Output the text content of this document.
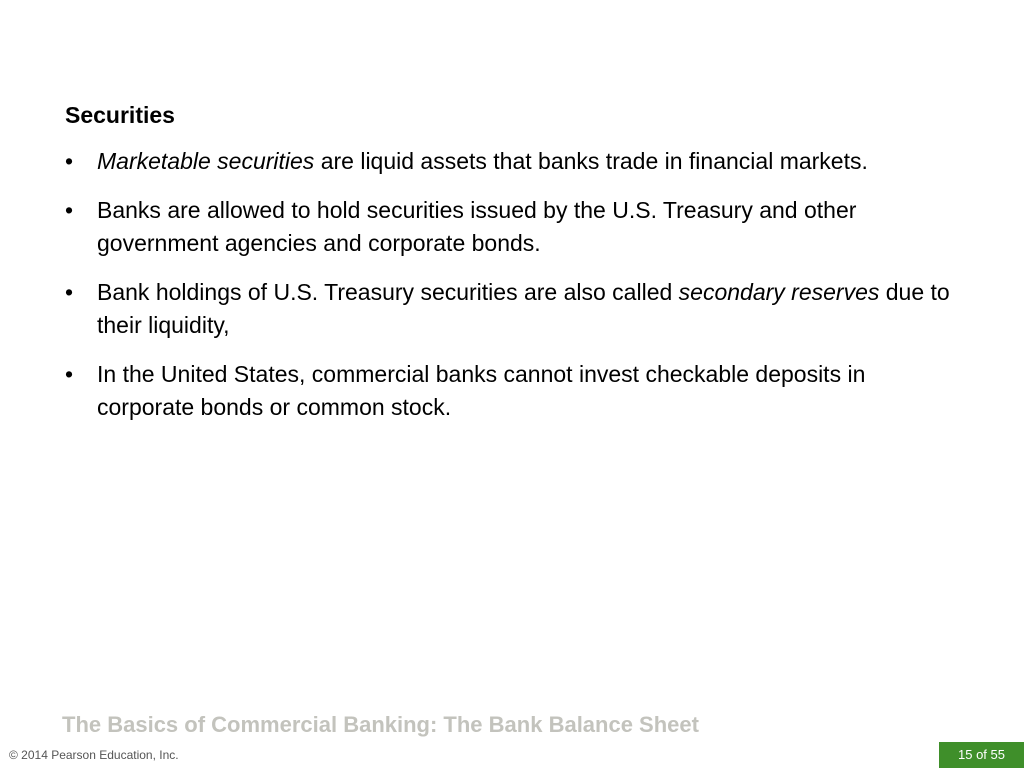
Securities
• Marketable securities are liquid assets that banks trade in financial markets.
• Banks are allowed to hold securities issued by the U.S. Treasury and other government agencies and corporate bonds.
• Bank holdings of U.S. Treasury securities are also called secondary reserves due to their liquidity,
• In the United States, commercial banks cannot invest checkable deposits in corporate bonds or common stock.
The Basics of Commercial Banking: The Bank Balance Sheet
© 2014 Pearson Education, Inc.	15 of 55
